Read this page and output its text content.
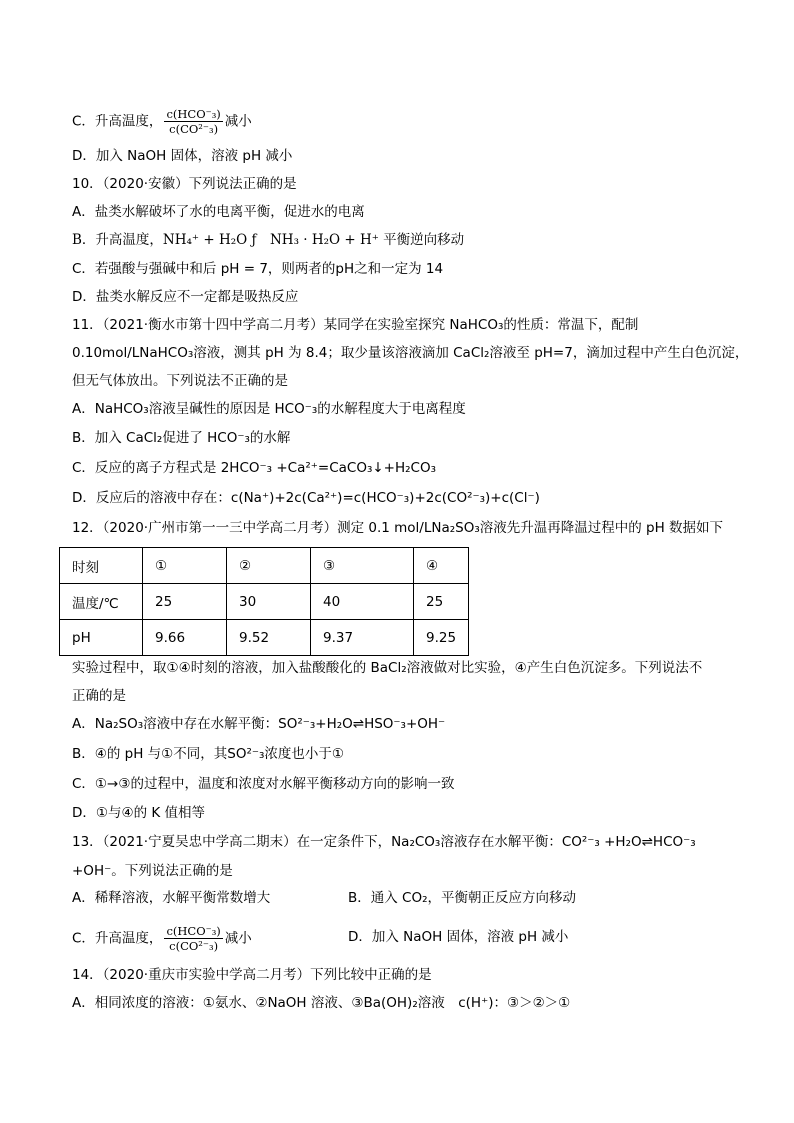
C．升高温度， $\frac{\text{c(HCO⁻₃)}}{\text{c(CO²⁻₃)}}$ 减小
D．加入 NaOH 固体，溶液 pH 减小
10．（2020·安徽）下列说法正确的是
A．盐类水解破坏了水的电离平衡，促进水的电离
B．升高温度，NH₄⁺ + H₂O ƒ　NH₃ · H₂O + H⁺ 平衡逆向移动
C．若强酸与强碱中和后 pH = 7，则两者的pH之和一定为 14
D．盐类水解反应不一定都是吸热反应
11．（2021·衡水市第十四中学高二月考）某同学在实验室探究 NaHCO₃的性质：常温下，配制
0.10mol/LNaHCO₃溶液，测其 pH 为 8.4；取少量该溶液滴加 CaCl₂溶液至 pH=7，滴加过程中产生白色沉淀，
但无气体放出。下列说法不正确的是
A．NaHCO₃溶液呈碱性的原因是 HCO⁻₃的水解程度大于电离程度
B．加入 CaCl₂促进了 HCO⁻₃的水解
C．反应的离子方程式是 2HCO⁻₃ +Ca²⁺=CaCO₃↓+H₂CO₃
D．反应后的溶液中存在：c(Na⁺)+2c(Ca²⁺)=c(HCO⁻₃)+2c(CO²⁻₃)+c(Cl⁻)
12．（2020·广州市第一一三中学高二月考）测定 0.1 mol/LNa₂SO₃溶液先升温再降温过程中的 pH 数据如下
时刻	①	②	③	④
温度/℃	25	30	40	25
pH	9.66	9.52	9.37	9.25
实验过程中，取①④时刻的溶液，加入盐酸酸化的 BaCl₂溶液做对比实验，④产生白色沉淀多。下列说法不
正确的是
A．Na₂SO₃溶液中存在水解平衡：SO²⁻₃+H₂O⇌HSO⁻₃+OH⁻
B．④的 pH 与①不同，其SO²⁻₃浓度也小于①
C．①→③的过程中，温度和浓度对水解平衡移动方向的影响一致
D．①与④的 K 值相等
13．（2021·宁夏吴忠中学高二期末）在一定条件下，Na₂CO₃溶液存在水解平衡：CO²⁻₃ +H₂O⇌HCO⁻₃
+OH⁻。下列说法正确的是
A．稀释溶液，水解平衡常数增大	B．通入 CO₂，平衡朝正反应方向移动
C．升高温度， $\frac{\text{c(HCO⁻₃)}}{\text{c(CO²⁻₃)}}$ 减小	D．加入 NaOH 固体，溶液 pH 减小
14．（2020·重庆市实验中学高二月考）下列比较中正确的是
A．相同浓度的溶液：①氨水、②NaOH 溶液、③Ba(OH)₂溶液　c(H⁺)：③＞②＞①
